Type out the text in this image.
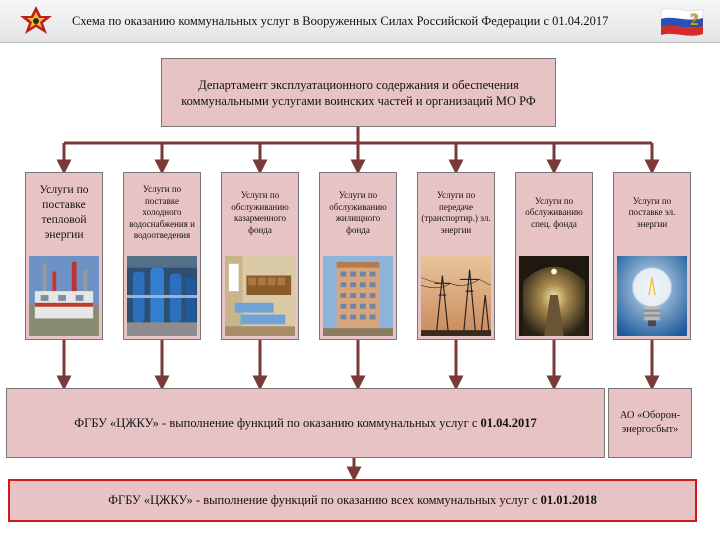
Схема по оказанию коммунальных услуг в Вооруженных Силах Российской Федерации с 01.04.2017	2
Департамент эксплуатационного содержания и обеспечения коммунальными услугами воинских частей и организаций МО РФ
Услуги по поставке тепловой энергии
Услуги по поставке холодного водоснабжения и водоотведения
Услуги по обслуживанию казарменного фонда
Услуги по обслуживанию жилищного фонда
Услуги по передаче (транспортир.) эл. энергии
Услуги по обслуживанию спец. фонда
Услуги по поставке эл. энергии
ФГБУ «ЦЖКУ» - выполнение функций по оказанию коммунальных услуг с 01.04.2017	АО «Оборон-энергосбыт»
ФГБУ «ЦЖКУ» - выполнение функций по оказанию всех коммунальных услуг с 01.01.2018
